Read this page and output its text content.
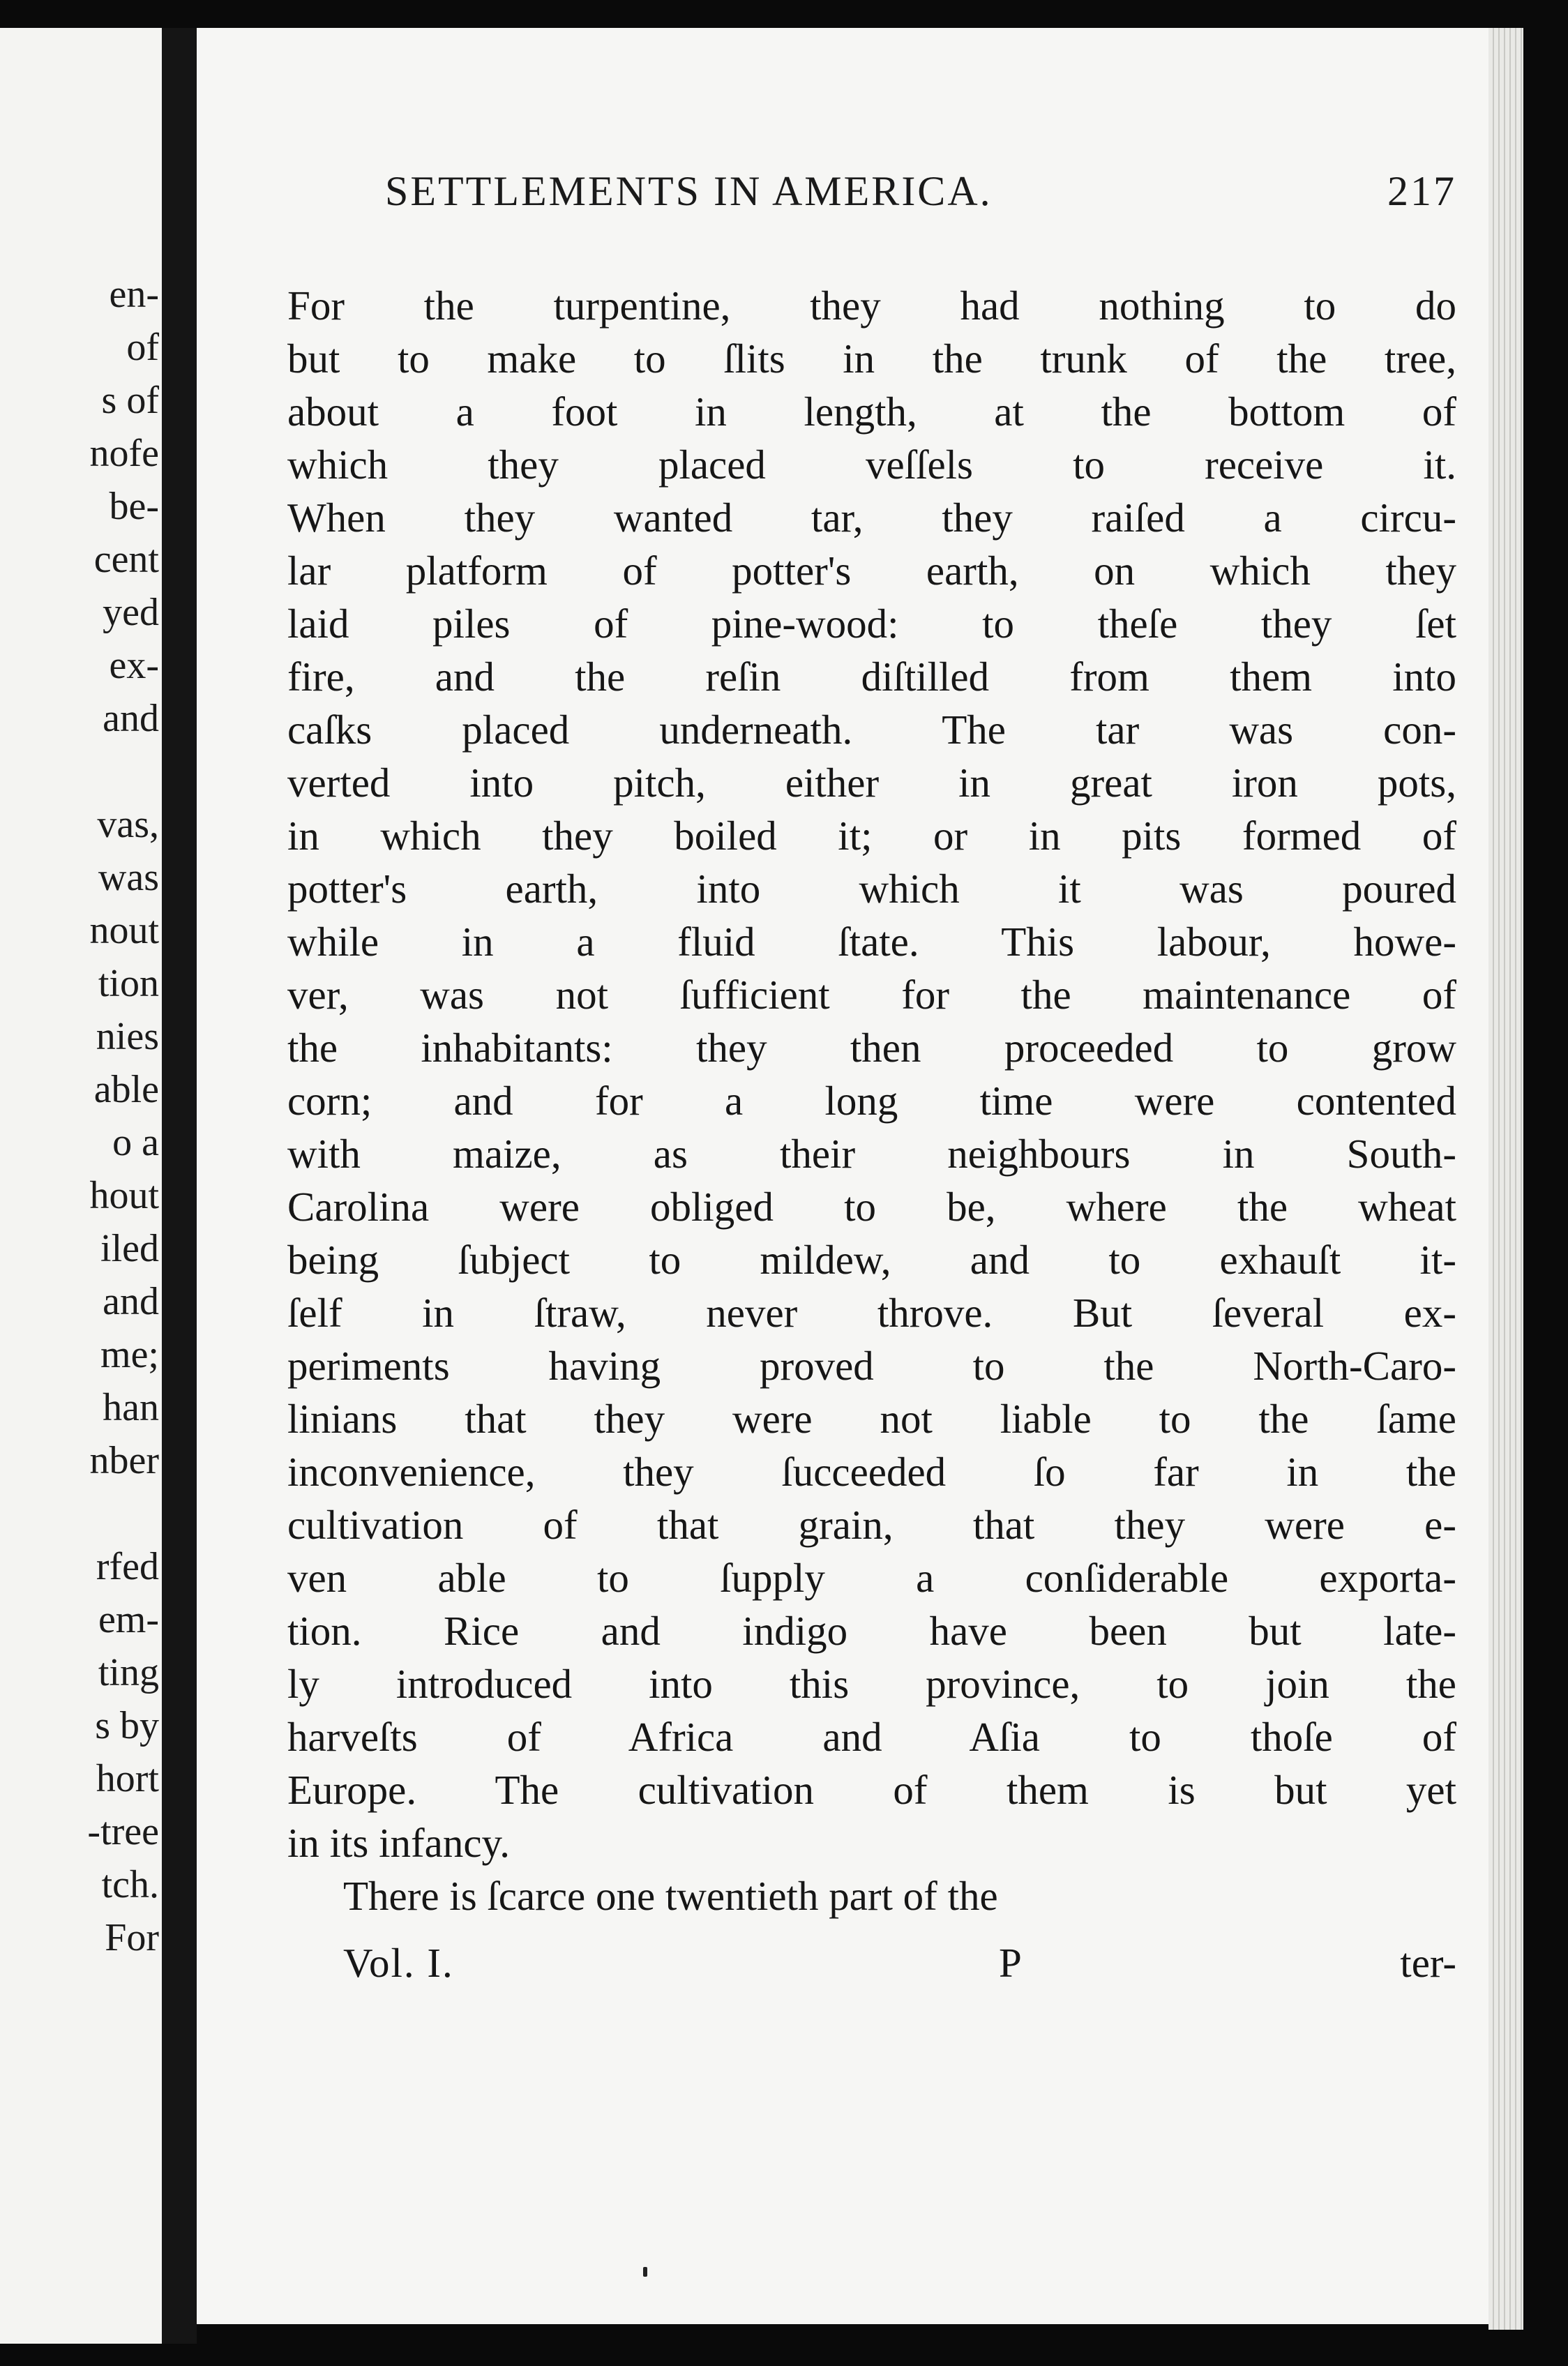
en-
of
s of
nofe
be-
cent
yed
ex-
and
vas,
was
nout
tion
nies
able
o a
hout
iled
and
me;
han
nber
rfed
em-
ting
s by
hort
-tree
tch.
For
SETTLEMENTS IN AMERICA.	217
For the turpentine, they had nothing to do
but to make to ſlits in the trunk of the tree,
about a foot in length, at the bottom of
which they placed veſſels to receive it.
When they wanted tar, they raiſed a circu-
lar platform of potter's earth, on which they
laid piles of pine-wood: to theſe they ſet
fire, and the reſin diſtilled from them into
caſks placed underneath. The tar was con-
verted into pitch, either in great iron pots,
in which they boiled it; or in pits formed of
potter's earth, into which it was poured
while in a fluid ſtate. This labour, howe-
ver, was not ſufficient for the maintenance of
the inhabitants: they then proceeded to grow
corn; and for a long time were contented
with maize, as their neighbours in South-
Carolina were obliged to be, where the wheat
being ſubject to mildew, and to exhauſt it-
ſelf in ſtraw, never throve. But ſeveral ex-
periments having proved to the North-Caro-
linians that they were not liable to the ſame
inconvenience, they ſucceeded ſo far in the
cultivation of that grain, that they were e-
ven able to ſupply a conſiderable exporta-
tion. Rice and indigo have been but late-
ly introduced into this province, to join the
harveſts of Africa and Aſia to thoſe of
Europe. The cultivation of them is but yet
in its infancy.
There is ſcarce one twentieth part of the
Vol. I.	P	ter-
